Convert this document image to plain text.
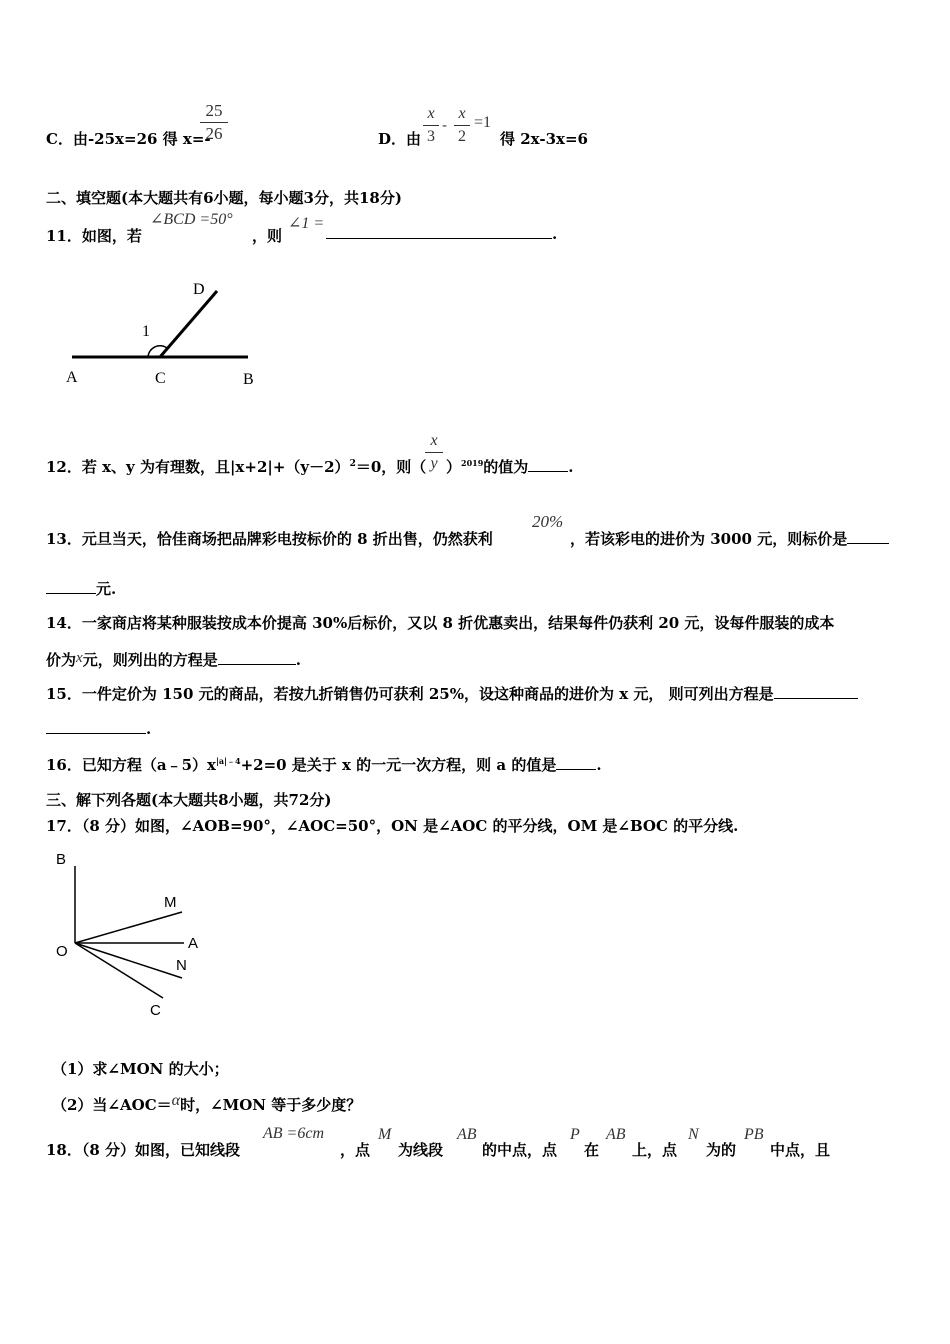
C．由-25x=26 得 x=-
25
26	D．由
x
3
-
x
2
=1
得 2x-3x=6
二、填空题(本大题共有6小题，每小题3分，共18分)
11．如图，若
∠BCD =50°
，则
∠1 =
.
D
1
A	C	B
12．若 x、y 为有理数，且$|x+2|+(y-2)^2=0$，则（
x
y ）$^{2019}$的值为	.
13．元旦当天，恰佳商场把品牌彩电按标价的 8 折出售，仍然获利
20%
，若该彩电的进价为 3000 元，则标价是
元.
14．一家商店将某种服装按成本价提高 30%后标价，又以 8 折优惠卖出，结果每件仍获利 20 元，设每件服装的成本
价为x元，则列出的方程是	.
15．一件定价为 150 元的商品，若按九折销售仍可获利 25%，设这种商品的进价为 x 元， 则可列出方程是
.
16．已知方程$(a﹣5)x^{|a|﹣4}+2=0$ 是关于 x 的一元一次方程，则 a 的值是	.
三、解下列各题(本大题共8小题，共72分)
17．（8 分）如图，∠AOB=90°，∠AOC=50°，ON 是∠AOC 的平分线，OM 是∠BOC 的平分线.
B
M
O	A
N
C
（1）求∠MON 的大小；
（2）当∠AOC＝α时，∠MON 等于多少度？
18．（8 分）如图，已知线段
AB =6cm
，点
M
为线段
AB
的中点，点
P
在
AB
上，点
N
为的
PB
中点，且
